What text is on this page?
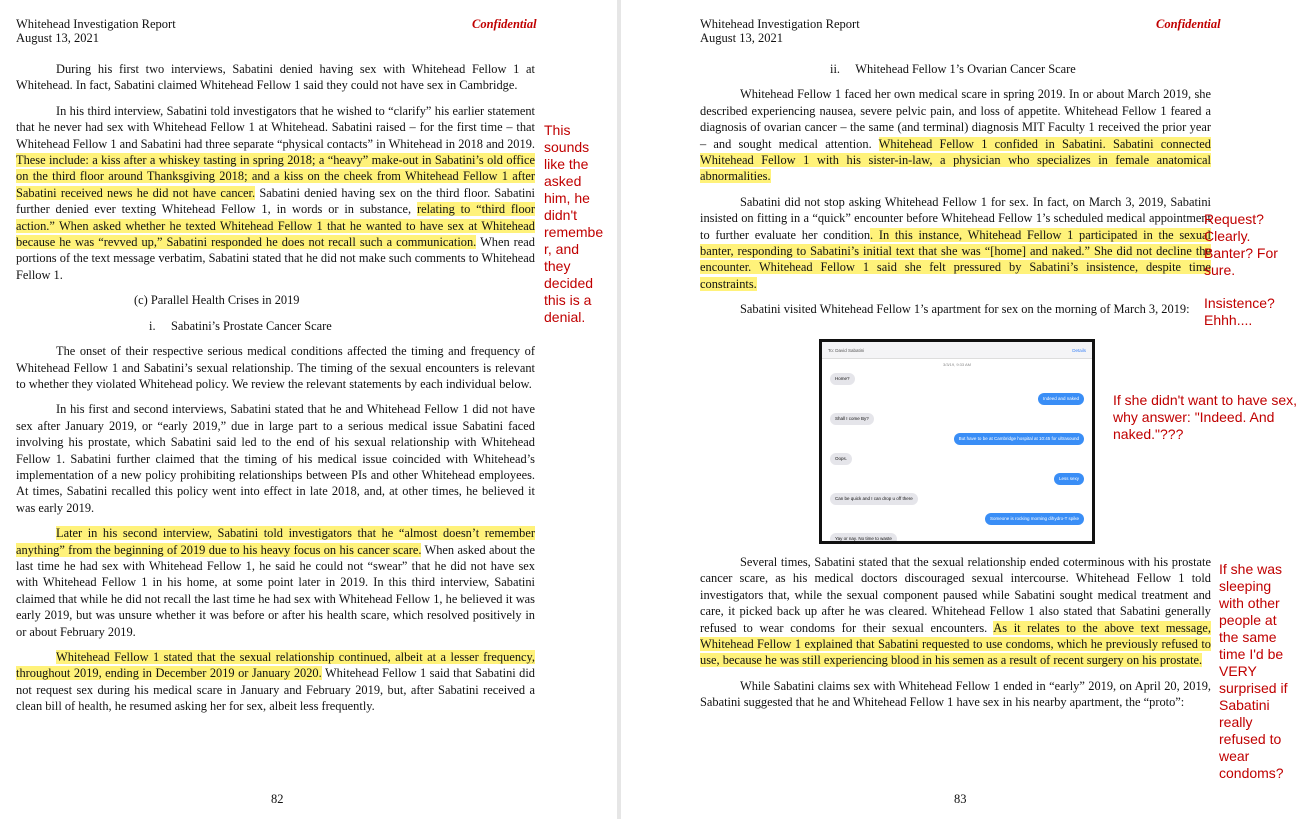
Whitehead Investigation Report
August 13, 2021
Confidential

During his first two interviews, Sabatini denied having sex with Whitehead Fellow 1 at Whitehead. In fact, Sabatini claimed Whitehead Fellow 1 said they could not have sex in Cambridge.

In his third interview, Sabatini told investigators that he wished to “clarify” his earlier statement that he never had sex with Whitehead Fellow 1 at Whitehead. Sabatini raised – for the first time – that Whitehead Fellow 1 and Sabatini had three separate “physical contacts” in Whitehead in 2018 and 2019. These include: a kiss after a whiskey tasting in spring 2018; a “heavy” make-out in Sabatini’s old office on the third floor around Thanksgiving 2018; and a kiss on the cheek from Whitehead Fellow 1 after Sabatini received news he did not have cancer. Sabatini denied having sex on the third floor. Sabatini further denied ever texting Whitehead Fellow 1, in words or in substance, relating to “third floor action.” When asked whether he texted Whitehead Fellow 1 that he wanted to have sex at Whitehead because he was “revved up,” Sabatini responded he does not recall such a communication. When read portions of the text message verbatim, Sabatini stated that he did not make such comments to Whitehead Fellow 1.

(c) Parallel Health Crises in 2019
i.     Sabatini’s Prostate Cancer Scare

The onset of their respective serious medical conditions affected the timing and frequency of Whitehead Fellow 1 and Sabatini’s sexual relationship. The timing of the sexual encounters is relevant to whether they violated Whitehead policy. We review the relevant statements by each individual below.

In his first and second interviews, Sabatini stated that he and Whitehead Fellow 1 did not have sex after January 2019, or “early 2019,” due in large part to a serious medical issue Sabatini faced involving his prostate, which Sabatini said led to the end of his sexual relationship with Whitehead Fellow 1. Sabatini further claimed that the timing of his medical issue coincided with Whitehead’s implementation of a new policy prohibiting relationships between PIs and other Whitehead employees. At times, Sabatini recalled this policy went into effect in late 2018, and, at other times, he believed it was early 2019.

Later in his second interview, Sabatini told investigators that he “almost doesn’t remember anything” from the beginning of 2019 due to his heavy focus on his cancer scare. When asked about the last time he had sex with Whitehead Fellow 1, he said he could not “swear” that he did not have sex with Whitehead Fellow 1 in his home, at some point later in 2019. In this third interview, Sabatini claimed that while he did not recall the last time he had sex with Whitehead Fellow 1, he believed it was early 2019, but was unsure whether it was before or after his health scare, which resolved positively in or about February 2019.

Whitehead Fellow 1 stated that the sexual relationship continued, albeit at a lesser frequency, throughout 2019, ending in December 2019 or January 2020. Whitehead Fellow 1 said that Sabatini did not request sex during his medical scare in January and February 2019, but, after Sabatini received a clean bill of health, he resumed asking her for sex, albeit less frequently.

This sounds like the asked him, he didn't remembe r, and they decided this is a denial.
82
Whitehead Investigation Report
August 13, 2021
Confidential
ii.     Whitehead Fellow 1’s Ovarian Cancer Scare

Whitehead Fellow 1 faced her own medical scare in spring 2019. In or about March 2019, she described experiencing nausea, severe pelvic pain, and loss of appetite. Whitehead Fellow 1 feared a diagnosis of ovarian cancer – the same (and terminal) diagnosis MIT Faculty 1 received the prior year – and sought medical attention. Whitehead Fellow 1 confided in Sabatini. Sabatini connected Whitehead Fellow 1 with his sister-in-law, a physician who specializes in female anatomical abnormalities.

Sabatini did not stop asking Whitehead Fellow 1 for sex. In fact, on March 3, 2019, Sabatini insisted on fitting in a “quick” encounter before Whitehead Fellow 1’s scheduled medical appointment to further evaluate her condition. In this instance, Whitehead Fellow 1 participated in the sexual banter, responding to Sabatini’s initial text that she was “[home] and naked.” She did not decline the encounter. Whitehead Fellow 1 said she felt pressured by Sabatini’s insistence, despite time constraints.

Sabatini visited Whitehead Fellow 1’s apartment for sex on the morning of March 3, 2019:

To: David Sabatini	Details
3/3/19, 9:33 AM
Home?
Indeed and naked
Shall I come By?
But have to be at Cambridge hospital at 10:45 for ultrasound
Oops.
Less sexy
Can be quick and I can drop u off there
Someone is rocking morning dihydro-T spike
Yay or nay. No time to waste

Several times, Sabatini stated that the sexual relationship ended coterminous with his prostate cancer scare, as his medical doctors discouraged sexual intercourse. Whitehead Fellow 1 told investigators that, while the sexual component paused while Sabatini sought medical treatment and care, it picked back up after he was cleared. Whitehead Fellow 1 also stated that Sabatini generally refused to wear condoms for their sexual encounters. As it relates to the above text message, Whitehead Fellow 1 explained that Sabatini requested to use condoms, which he previously refused to use, because he was still experiencing blood in his semen as a result of recent surgery on his prostate.

While Sabatini claims sex with Whitehead Fellow 1 ended in “early” 2019, on April 20, 2019, Sabatini suggested that he and Whitehead Fellow 1 have sex in his nearby apartment, the “proto”:

Request? Clearly. Banter? For sure.
Insistence? Ehhh....
If she didn't want to have sex, why answer: "Indeed. And naked."???
If she was sleeping with other people at the same time I'd be VERY surprised if Sabatini really refused to wear condoms?
83
